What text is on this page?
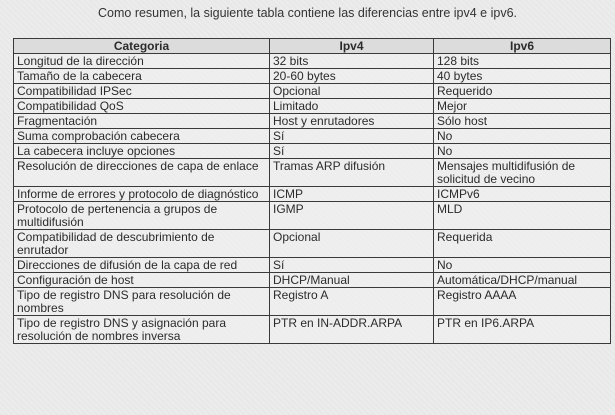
Como resumen, la siguiente tabla contiene las diferencias entre ipv4 e ipv6.
Categoria	Ipv4	Ipv6
Longitud de la dirección	32 bits	128 bits
Tamaño de la cabecera	20-60 bytes	40 bytes
Compatibilidad IPSec	Opcional	Requerido
Compatibilidad QoS	Limitado	Mejor
Fragmentación	Host y enrutadores	Sólo host
Suma comprobación cabecera	Sí	No
La cabecera incluye opciones	Sí	No
Resolución de direcciones de capa de enlace	Tramas ARP difusión	Mensajes multidifusión de solicitud de vecino
Informe de errores y protocolo de diagnóstico	ICMP	ICMPv6
Protocolo de pertenencia a grupos de multidifusión	IGMP	MLD
Compatibilidad de descubrimiento de enrutador	Opcional	Requerida
Direcciones de difusión de la capa de red	Sí	No
Configuración de host	DHCP/Manual	Automática/DHCP/manual
Tipo de registro DNS para resolución de nombres	Registro A	Registro AAAA
Tipo de registro DNS y asignación para resolución de nombres inversa	PTR en IN-ADDR.ARPA	PTR en IP6.ARPA
